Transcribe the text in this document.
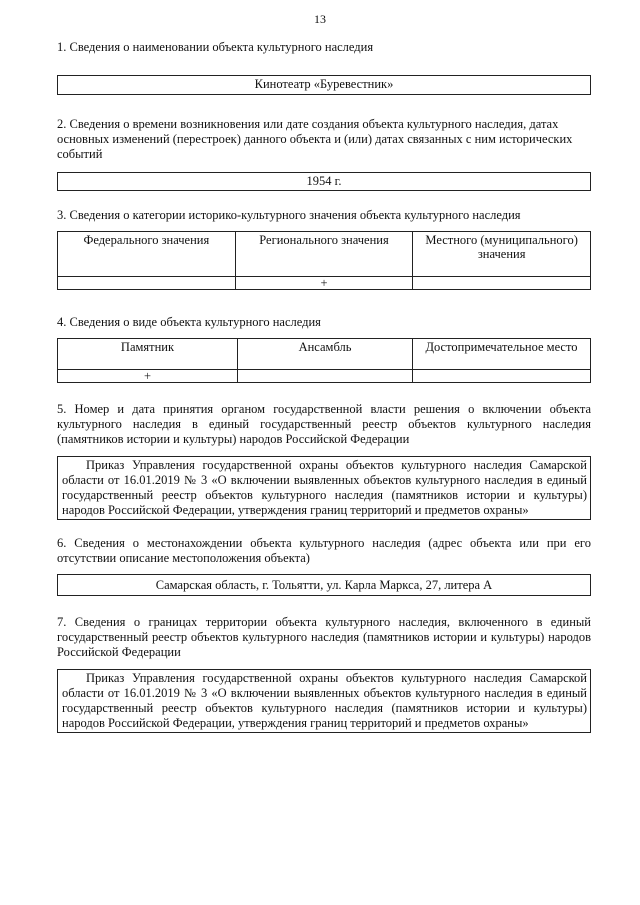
13
1. Сведения о наименовании объекта культурного наследия
Кинотеатр «Буревестник»
2. Сведения о времени возникновения или дате создания объекта культурного наследия, датах основных изменений (перестроек) данного объекта и (или) датах связанных с ним исторических событий
1954 г.
3. Сведения о категории историко-культурного значения объекта культурного наследия
Федерального значения	Регионального значения	Местного (муниципального) значения
	+	
4. Сведения о виде объекта культурного наследия
Памятник	Ансамбль	Достопримечательное место
+		
5. Номер и дата принятия органом государственной власти решения о включении объекта культурного наследия в единый государственный реестр объектов культурного наследия (памятников истории и культуры) народов Российской Федерации
Приказ Управления государственной охраны объектов культурного наследия Самарской области от 16.01.2019 № 3 «О включении выявленных объектов культурного наследия в единый государственный реестр объектов культурного наследия (памятников истории и культуры) народов Российской Федерации, утверждения границ территорий и предметов охраны»
6. Сведения о местонахождении объекта культурного наследия (адрес объекта или при его отсутствии описание местоположения объекта)
Самарская область, г. Тольятти, ул. Карла Маркса, 27, литера А
7. Сведения о границах территории объекта культурного наследия, включенного в единый государственный реестр объектов культурного наследия (памятников истории и культуры) народов Российской Федерации
Приказ Управления государственной охраны объектов культурного наследия Самарской области от 16.01.2019 № 3 «О включении выявленных объектов культурного наследия в единый государственный реестр объектов культурного наследия (памятников истории и культуры) народов Российской Федерации, утверждения границ территорий и предметов охраны»
